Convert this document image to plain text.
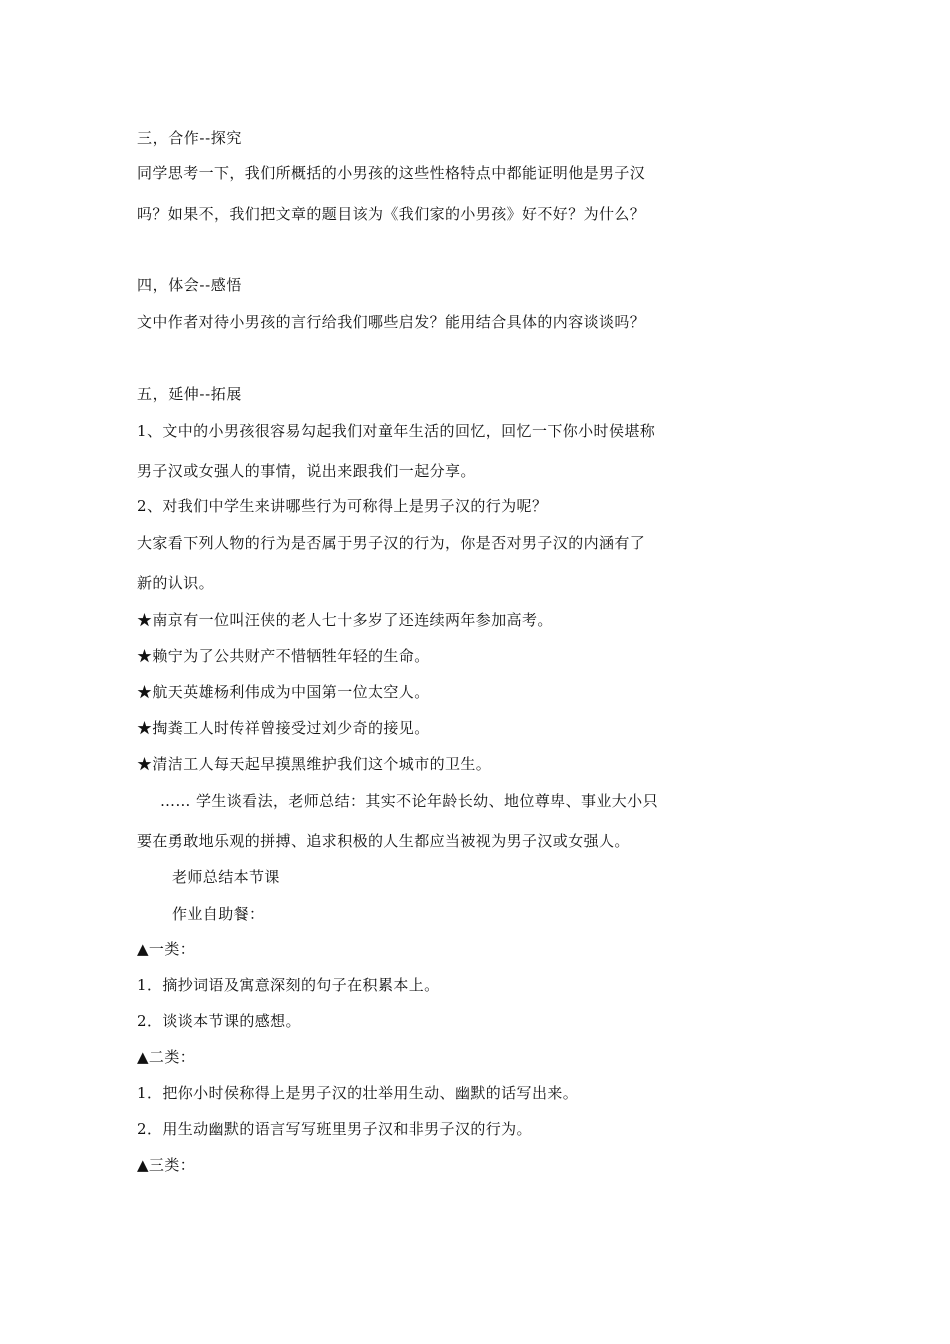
三，合作--探究
同学思考一下，我们所概括的小男孩的这些性格特点中都能证明他是男子汉
吗？如果不，我们把文章的题目该为《我们家的小男孩》好不好？为什么？
四，体会--感悟
文中作者对待小男孩的言行给我们哪些启发？能用结合具体的内容谈谈吗？
五，延伸--拓展
1、文中的小男孩很容易勾起我们对童年生活的回忆，回忆一下你小时侯堪称
男子汉或女强人的事情，说出来跟我们一起分享。
2、对我们中学生来讲哪些行为可称得上是男子汉的行为呢？
大家看下列人物的行为是否属于男子汉的行为，你是否对男子汉的内涵有了
新的认识。
★南京有一位叫汪侠的老人七十多岁了还连续两年参加高考。
★赖宁为了公共财产不惜牺牲年轻的生命。
★航天英雄杨利伟成为中国第一位太空人。
★掏粪工人时传祥曾接受过刘少奇的接见。
★清洁工人每天起早摸黑维护我们这个城市的卫生。
…… 学生谈看法，老师总结：其实不论年龄长幼、地位尊卑、事业大小只
要在勇敢地乐观的拼搏、追求积极的人生都应当被视为男子汉或女强人。
老师总结本节课
作业自助餐：
▲一类：
1．摘抄词语及寓意深刻的句子在积累本上。
2．谈谈本节课的感想。
▲二类：
1．把你小时侯称得上是男子汉的壮举用生动、幽默的话写出来。
2．用生动幽默的语言写写班里男子汉和非男子汉的行为。
▲三类：
